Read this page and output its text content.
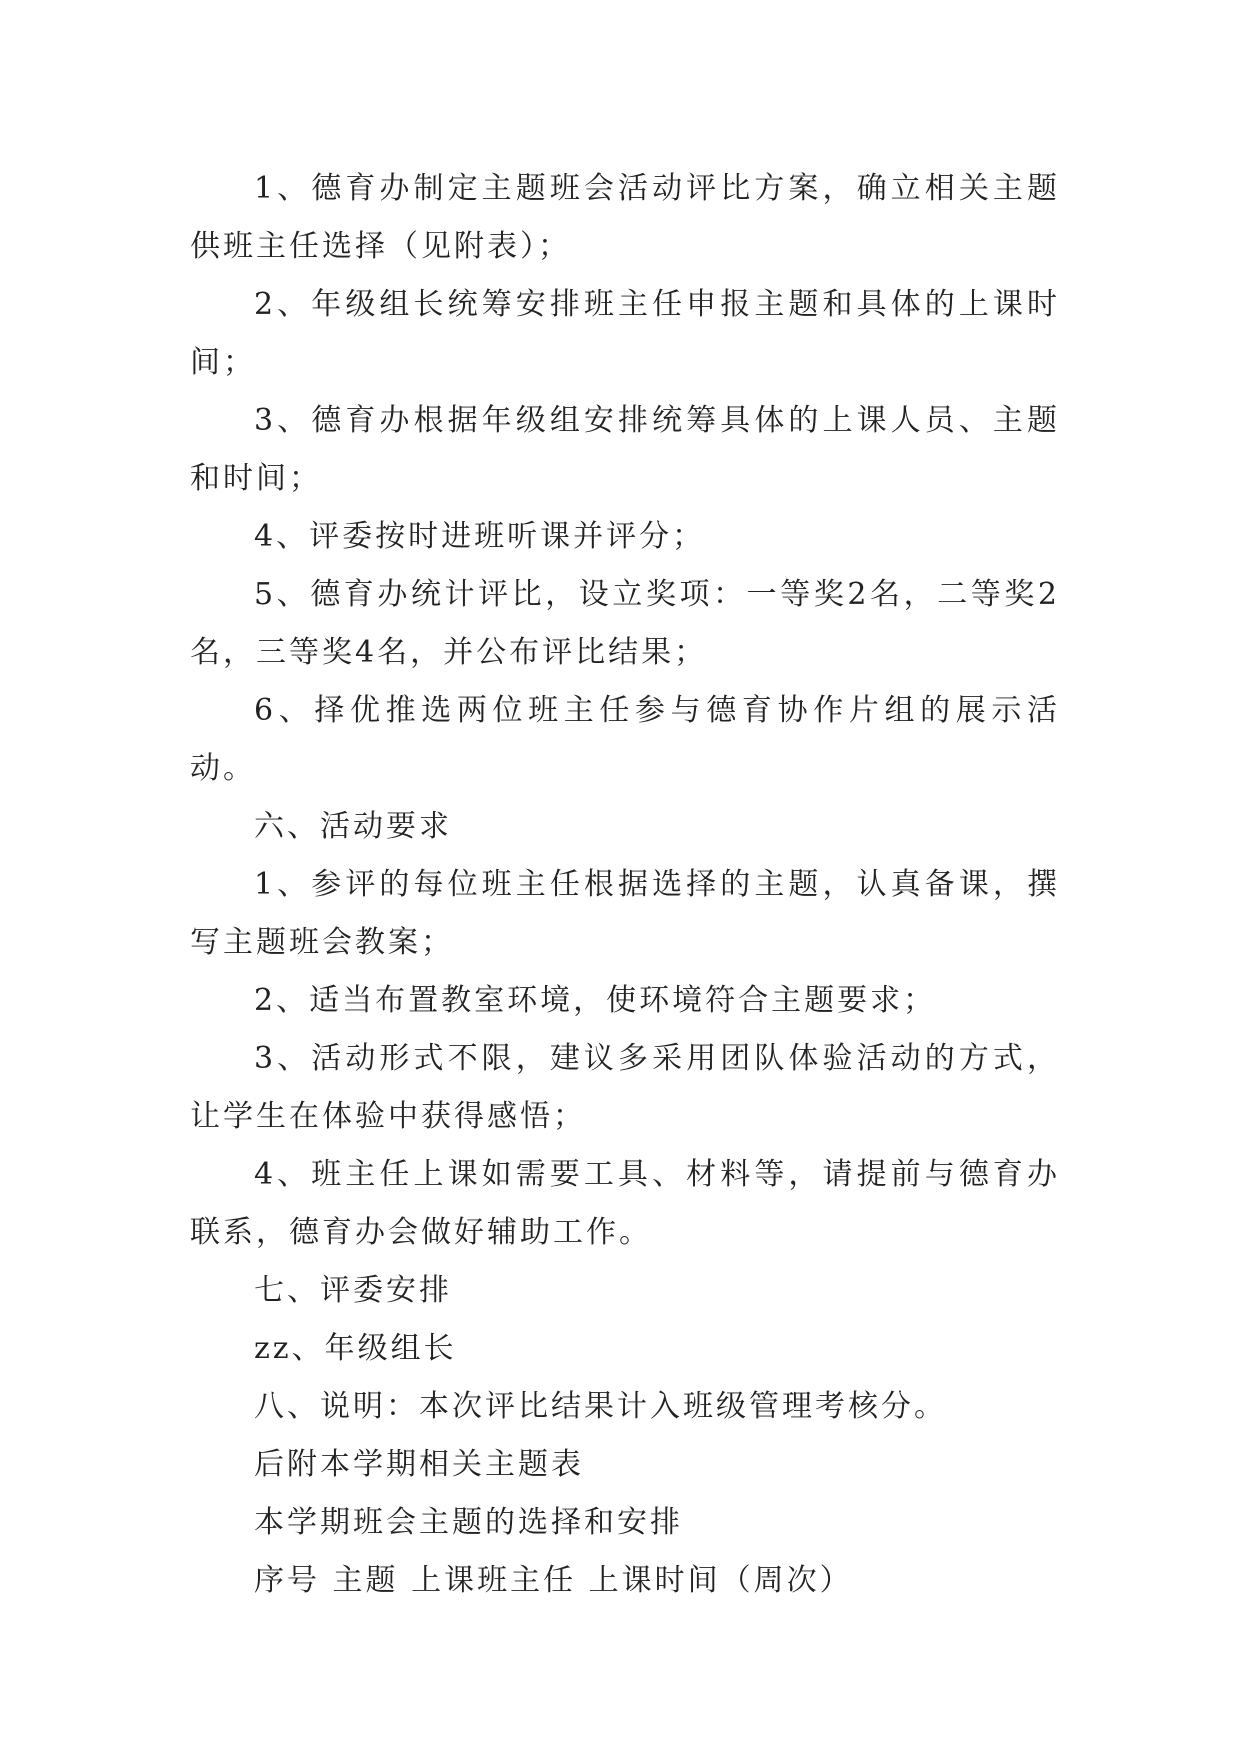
1、德育办制定主题班会活动评比方案，确立相关主题供班主任选择（见附表）；

2、年级组长统筹安排班主任申报主题和具体的上课时间；

3、德育办根据年级组安排统筹具体的上课人员、主题和时间；

4、评委按时进班听课并评分；

5、德育办统计评比，设立奖项：一等奖2名，二等奖2名，三等奖4名，并公布评比结果；

6、择优推选两位班主任参与德育协作片组的展示活动。

六、活动要求

1、参评的每位班主任根据选择的主题，认真备课，撰写主题班会教案；

2、适当布置教室环境，使环境符合主题要求；

3、活动形式不限，建议多采用团队体验活动的方式，让学生在体验中获得感悟；

4、班主任上课如需要工具、材料等，请提前与德育办联系，德育办会做好辅助工作。

七、评委安排

zz、年级组长

八、说明：本次评比结果计入班级管理考核分。

后附本学期相关主题表

本学期班会主题的选择和安排

序号 主题 上课班主任 上课时间（周次）
